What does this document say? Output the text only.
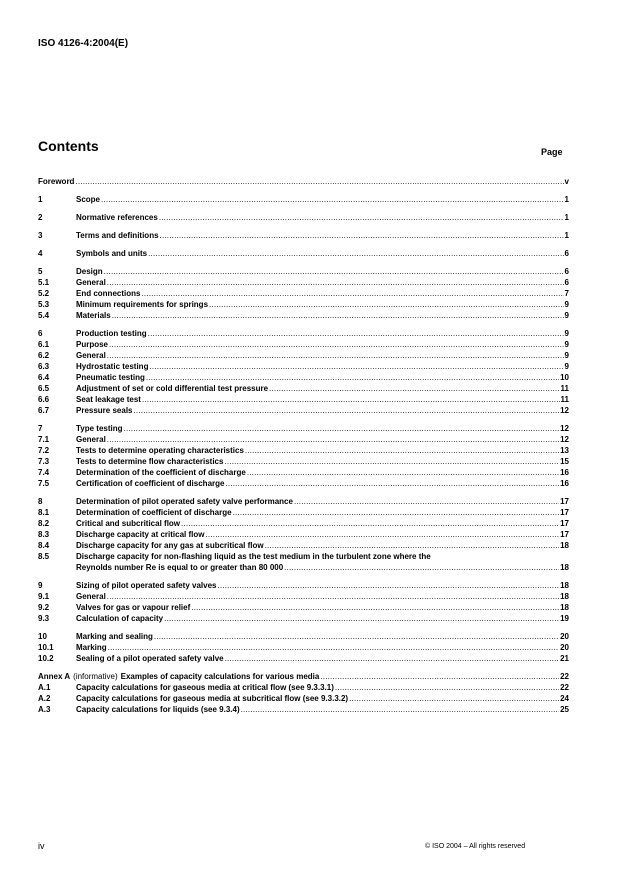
ISO 4126-4:2004(E)
Contents	Page
Foreword .....	v
1	Scope .....	1
2	Normative references .....	1
3	Terms and definitions .....	1
4	Symbols and units .....	6
5	Design .....	6
5.1	General .....	6
5.2	End connections .....	7
5.3	Minimum requirements for springs .....	9
5.4	Materials .....	9
6	Production testing .....	9
6.1	Purpose .....	9
6.2	General .....	9
6.3	Hydrostatic testing .....	9
6.4	Pneumatic testing .....	10
6.5	Adjustment of set or cold differential test pressure .....	11
6.6	Seat leakage test .....	11
6.7	Pressure seals .....	12
7	Type testing .....	12
7.1	General .....	12
7.2	Tests to determine operating characteristics .....	13
7.3	Tests to determine flow characteristics .....	15
7.4	Determination of the coefficient of discharge .....	16
7.5	Certification of coefficient of discharge .....	16
8	Determination of pilot operated safety valve performance .....	17
8.1	Determination of coefficient of discharge .....	17
8.2	Critical and subcritical flow .....	17
8.3	Discharge capacity at critical flow .....	17
8.4	Discharge capacity for any gas at subcritical flow .....	18
8.5	Discharge capacity for non-flashing liquid as the test medium in the turbulent zone where the
Reynolds number Re is equal to or greater than 80 000 .....	18
9	Sizing of pilot operated safety valves .....	18
9.1	General .....	18
9.2	Valves for gas or vapour relief .....	18
9.3	Calculation of capacity .....	19
10	Marking and sealing .....	20
10.1	Marking .....	20
10.2	Sealing of a pilot operated safety valve .....	21
Annex A (informative) Examples of capacity calculations for various media .....	22
A.1	Capacity calculations for gaseous media at critical flow (see 9.3.3.1) .....	22
A.2	Capacity calculations for gaseous media at subcritical flow (see 9.3.3.2) .....	24
A.3	Capacity calculations for liquids (see 9.3.4) .....	25
iv	© ISO 2004 – All rights reserved
